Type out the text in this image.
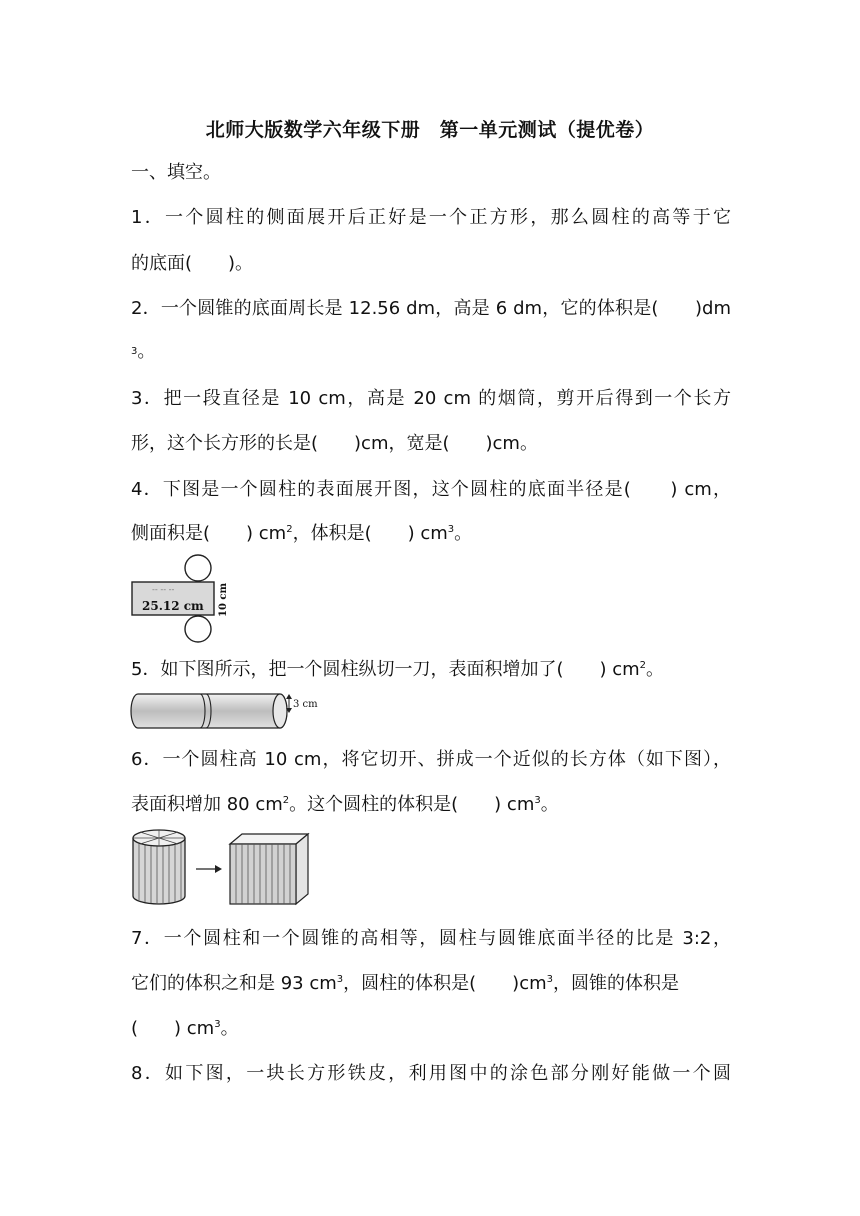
北师大版数学六年级下册　第一单元测试（提优卷）
一、填空。
1．一个圆柱的侧面展开后正好是一个正方形，那么圆柱的高等于它
的底面(　　)。
2．一个圆锥的底面周长是 12.56 dm，高是 6 dm，它的体积是(　　)dm
$^3$。
3．把一段直径是 10 cm，高是 20 cm 的烟筒，剪开后得到一个长方
形，这个长方形的长是(　　)cm，宽是(　　)cm。
4．下图是一个圆柱的表面展开图，这个圆柱的底面半径是(　　) cm，
侧面积是(　　) $cm^2$，体积是(　　) $cm^3$。
-- -- --
25.12 cm 10 cm
5．如下图所示，把一个圆柱纵切一刀，表面积增加了(　　) $cm^2$。
3 cm
6．一个圆柱高 10 cm，将它切开、拼成一个近似的长方体（如下图），
表面积增加 80 $cm^2$。这个圆柱的体积是(　　) $cm^3$。
7．一个圆柱和一个圆锥的高相等，圆柱与圆锥底面半径的比是 3:2，
它们的体积之和是 93 $cm^3$，圆柱的体积是(　　)$cm^3$，圆锥的体积是
(　　) $cm^3$。
8．如下图，一块长方形铁皮，利用图中的涂色部分刚好能做一个圆
